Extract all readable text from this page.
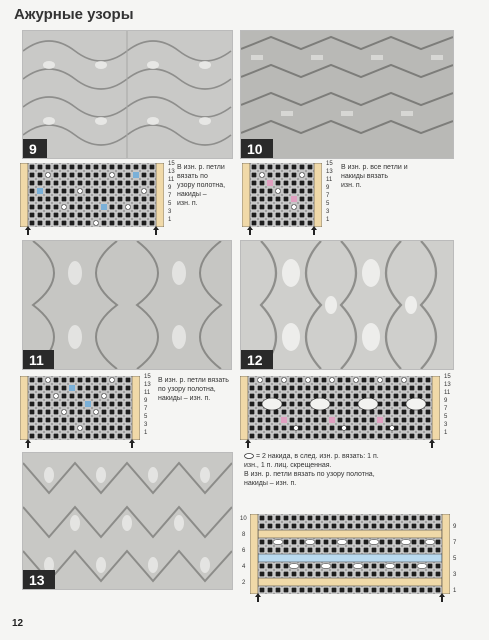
Ажурные узоры
9	10
15
13
11
9
7
5
3
1
В изн. р. петли
вязать по
узору полотна,
накиды –
изн. п.
15
13
11
9
7
5
3
1
В изн. р. все петли и
накиды вязать
изн. п.
11	12
15
13
11
9
7
5
3
1
В изн. р. петли вязать
по узору полотна,
накиды – изн. п.
15
13
11
9
7
5
3
1
= 2 накида, в след. изн. р. вязать: 1 п.
изн., 1 п. лиц. скрещенная.
В изн. р. петли вязать по узору полотна,
накиды – изн. п.
13
10
8
6
4
2
9
7
5
3
1
12
